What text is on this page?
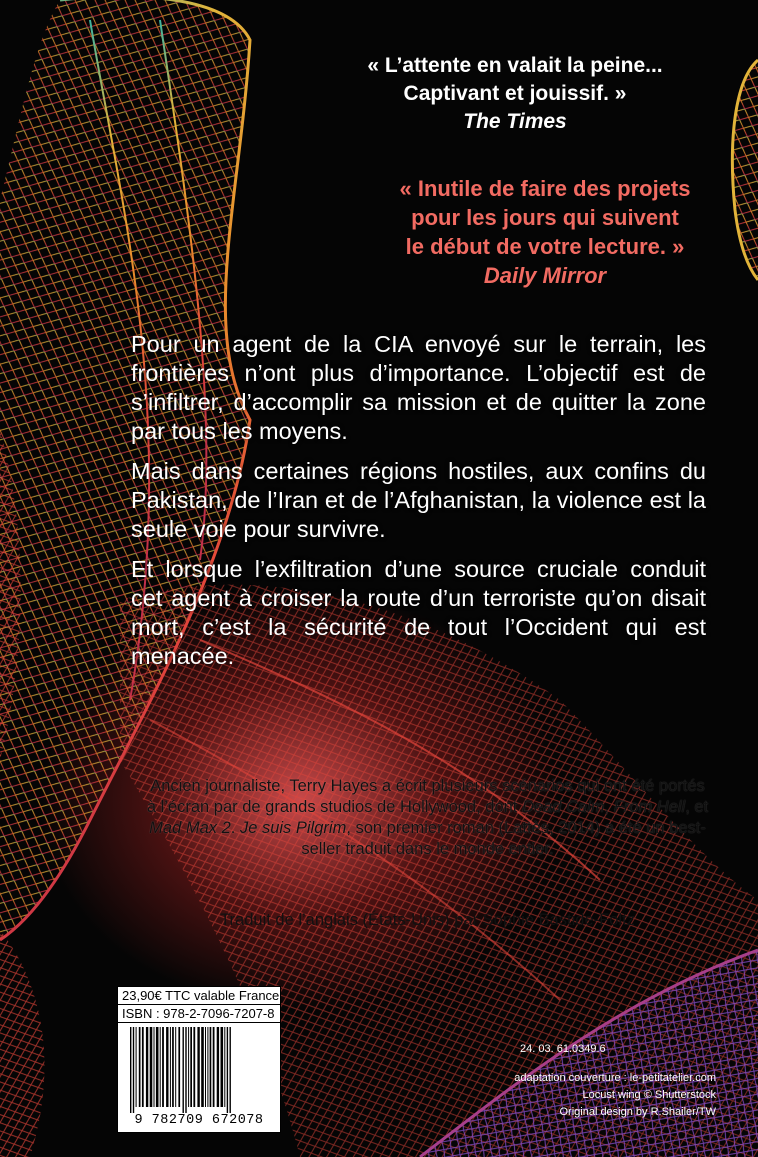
« L’attente en valait la peine...
Captivant et jouissif. »
The Times
« Inutile de faire des projets
pour les jours qui suivent
le début de votre lecture. »
Daily Mirror

Pour un agent de la CIA envoyé sur le terrain, les frontières n’ont plus d’importance. L’objectif est de s’infiltrer, d’accomplir sa mission et de quitter la zone par tous les moyens.

Mais dans certaines régions hostiles, aux confins du Pakistan, de l’Iran et de l’Afghanistan, la violence est la seule voie pour survivre.

Et lorsque l’exfiltration d’une source cruciale conduit cet agent à croiser la route d’un terroriste qu’on disait mort, c’est la sécurité de tout l’Occident qui est menacée.

Ancien journaliste, Terry Hayes a écrit plusieurs scénarios qui ont été portés à l’écran par de grands studios de Hollywood, dont Dead Calm, From Hell, et Mad Max 2. Je suis Pilgrim, son premier roman (Lattès, 2014) a été un best-seller traduit dans le monde entier.
Traduit de l’anglais (États-Unis) par Sophie Bastide-Foltz
23,90€ TTC valable France
ISBN : 978-2-7096-7207-8
9 782709 672078
24. 03. 61.0349.6
adaptation couverture : le-petitatelier.com
Locust wing © Shutterstock
Original design by R.Shailer/TW
